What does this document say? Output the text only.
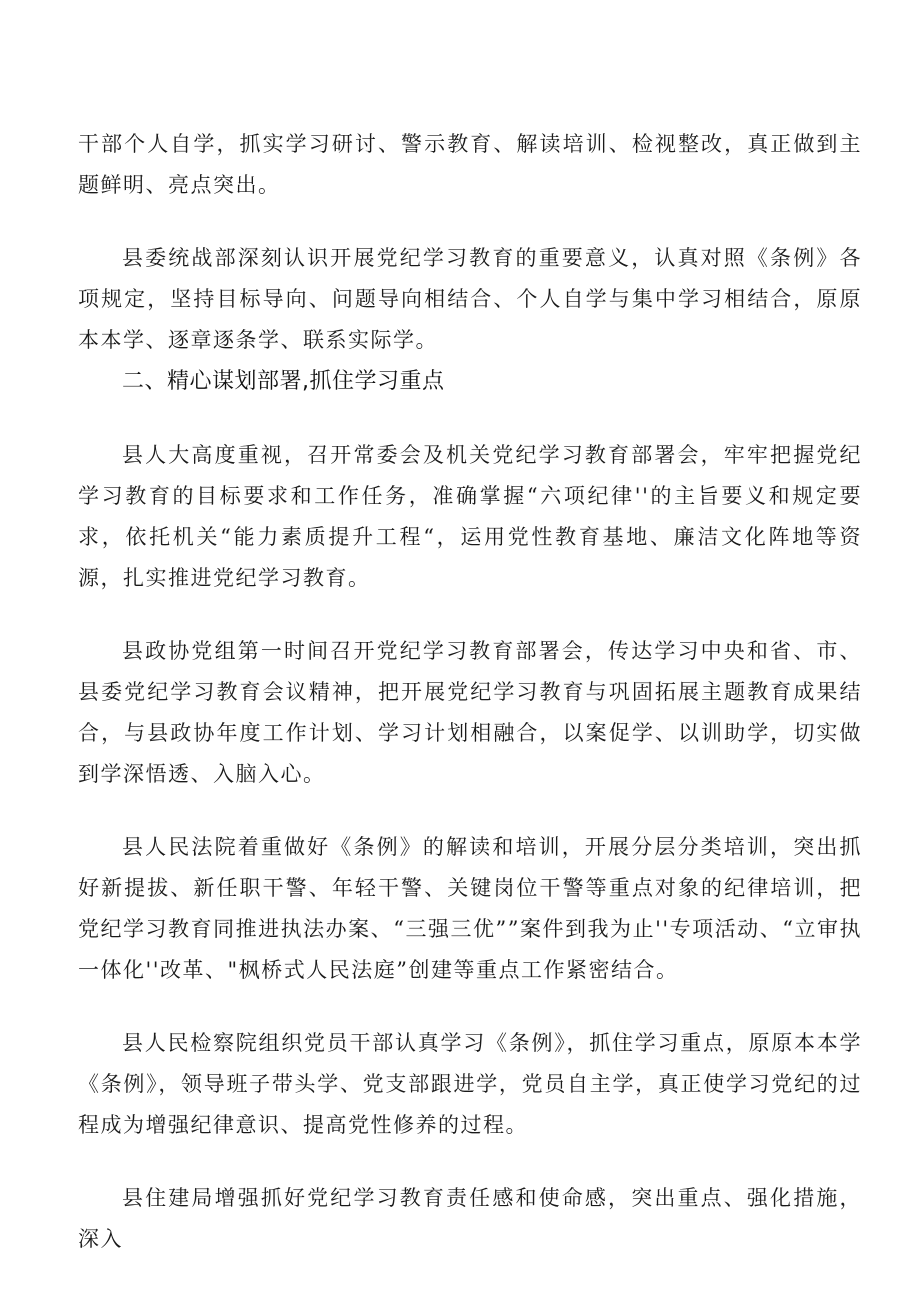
干部个人自学，抓实学习研讨、警示教育、解读培训、检视整改，真正做到主题鲜明、亮点突出。

县委统战部深刻认识开展党纪学习教育的重要意义，认真对照《条例》各项规定，坚持目标导向、问题导向相结合、个人自学与集中学习相结合，原原本本学、逐章逐条学、联系实际学。

二、精心谋划部署,抓住学习重点

县人大高度重视，召开常委会及机关党纪学习教育部署会，牢牢把握党纪学习教育的目标要求和工作任务，准确掌握“六项纪律''的主旨要义和规定要求，依托机关“能力素质提升工程“，运用党性教育基地、廉洁文化阵地等资源，扎实推进党纪学习教育。

县政协党组第一时间召开党纪学习教育部署会，传达学习中央和省、市、县委党纪学习教育会议精神，把开展党纪学习教育与巩固拓展主题教育成果结合，与县政协年度工作计划、学习计划相融合，以案促学、以训助学，切实做到学深悟透、入脑入心。

县人民法院着重做好《条例》的解读和培训，开展分层分类培训，突出抓好新提拔、新任职干警、年轻干警、关键岗位干警等重点对象的纪律培训，把党纪学习教育同推进执法办案、“三强三优””案件到我为止''专项活动、“立审执一体化''改革、"枫桥式人民法庭”创建等重点工作紧密结合。

县人民检察院组织党员干部认真学习《条例》，抓住学习重点，原原本本学《条例》，领导班子带头学、党支部跟进学，党员自主学，真正使学习党纪的过程成为增强纪律意识、提高党性修养的过程。

县住建局增强抓好党纪学习教育责任感和使命感，突出重点、强化措施，深入
